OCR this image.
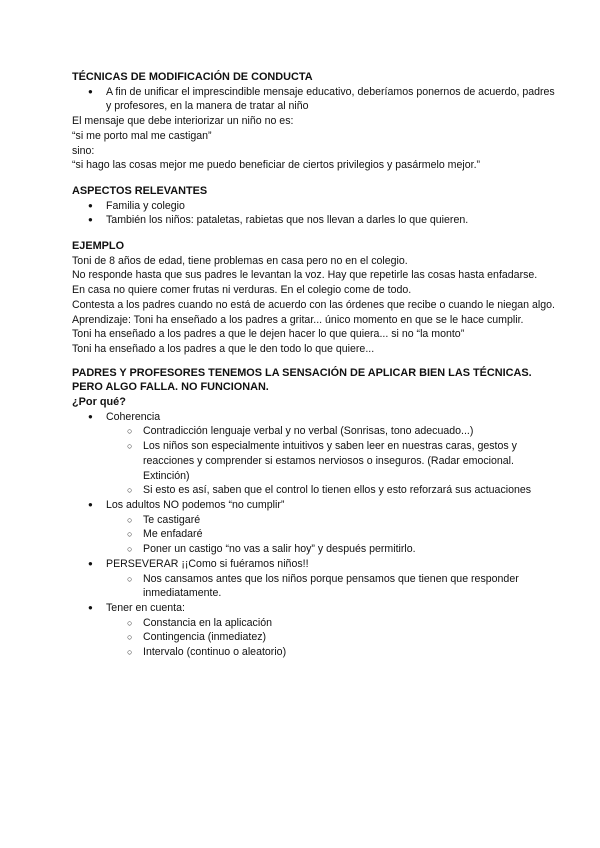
TÉCNICAS DE MODIFICACIÓN DE CONDUCTA
● A fin de unificar el imprescindible mensaje educativo, deberíamos ponernos de acuerdo, padres y profesores, en la manera de tratar al niño

El mensaje que debe interiorizar un niño no es:

“si me porto mal me castigan”

sino:

“si hago las cosas mejor me puedo beneficiar de ciertos privilegios y pasármelo mejor.”

ASPECTOS RELEVANTES
● Familia y colegio
● También los niños: pataletas, rabietas que nos llevan a darles lo que quieren.
EJEMPLO

Toni de 8 años de edad, tiene problemas en casa pero no en el colegio.

No responde hasta que sus padres le levantan la voz. Hay que repetirle las cosas hasta enfadarse.

En casa no quiere comer frutas ni verduras. En el colegio come de todo.

Contesta a los padres cuando no está de acuerdo con las órdenes que recibe o cuando le niegan algo.

Aprendizaje: Toni ha enseñado a los padres a gritar... único momento en que se le hace cumplir.

Toni ha enseñado a los padres a que le dejen hacer lo que quiera... si no “la monto”

Toni ha enseñado a los padres a que le den todo lo que quiere...

PADRES Y PROFESORES TENEMOS LA SENSACIÓN DE APLICAR BIEN LAS TÉCNICAS. PERO ALGO FALLA. NO FUNCIONAN.
¿Por qué?
● Coherencia
○ Contradicción lenguaje verbal y no verbal (Sonrisas, tono adecuado...)
○ Los niños son especialmente intuitivos y saben leer en nuestras caras, gestos y reacciones y comprender si estamos nerviosos o inseguros. (Radar emocional. Extinción)
○ Si esto es así, saben que el control lo tienen ellos y esto reforzará sus actuaciones
● Los adultos NO podemos “no cumplir”
○ Te castigaré
○ Me enfadaré
○ Poner un castigo “no vas a salir hoy” y después permitirlo.
● PERSEVERAR ¡¡Como si fuéramos niños!!
○ Nos cansamos antes que los niños porque pensamos que tienen que responder inmediatamente.
● Tener en cuenta:
○ Constancia en la aplicación
○ Contingencia (inmediatez)
○ Intervalo (continuo o aleatorio)
